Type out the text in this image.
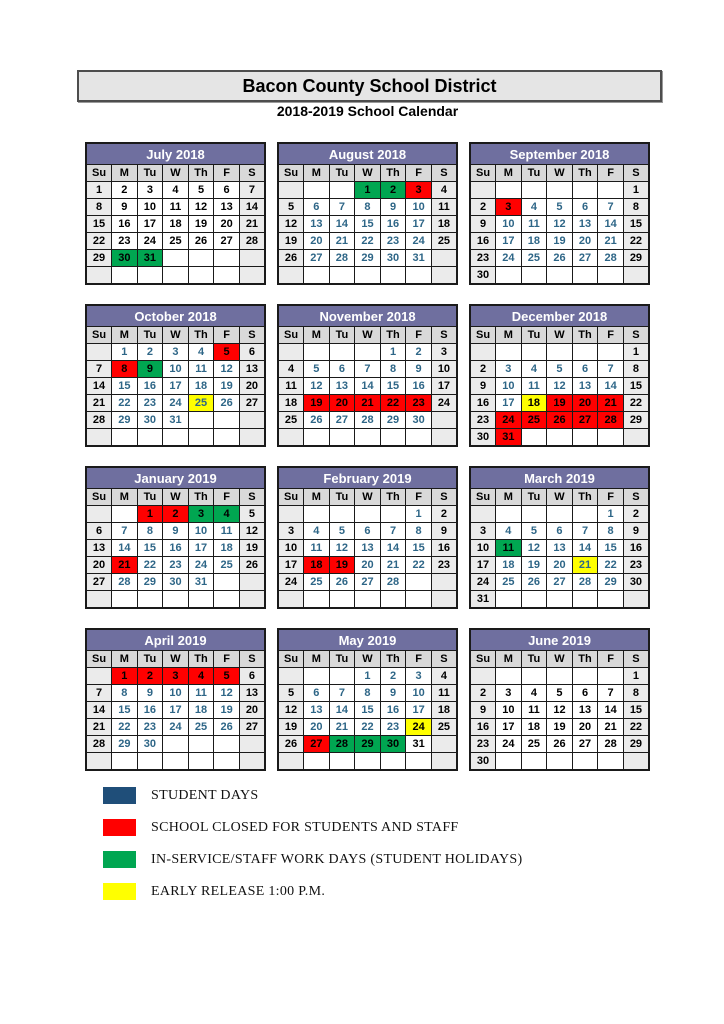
Bacon County School District
2018-2019 School Calendar
July 2018						
Su	M	Tu	W	Th	F	S
1	2	3	4	5	6	7
8	9	10	11	12	13	14
15	16	17	18	19	20	21
22	23	24	25	26	27	28
29	30	31				

August 2018						
Su	M	Tu	W	Th	F	S
			1	2	3	4
5	6	7	8	9	10	11
12	13	14	15	16	17	18
19	20	21	22	23	24	25
26	27	28	29	30	31	

September 2018						
Su	M	Tu	W	Th	F	S
						1
2	3	4	5	6	7	8
9	10	11	12	13	14	15
16	17	18	19	20	21	22
23	24	25	26	27	28	29
30						
October 2018						
Su	M	Tu	W	Th	F	S
	1	2	3	4	5	6
7	8	9	10	11	12	13
14	15	16	17	18	19	20
21	22	23	24	25	26	27
28	29	30	31			

November 2018						
Su	M	Tu	W	Th	F	S
				1	2	3
4	5	6	7	8	9	10
11	12	13	14	15	16	17
18	19	20	21	22	23	24
25	26	27	28	29	30	

December 2018						
Su	M	Tu	W	Th	F	S
						1
2	3	4	5	6	7	8
9	10	11	12	13	14	15
16	17	18	19	20	21	22
23	24	25	26	27	28	29
30	31					
January 2019						
Su	M	Tu	W	Th	F	S
		1	2	3	4	5
6	7	8	9	10	11	12
13	14	15	16	17	18	19
20	21	22	23	24	25	26
27	28	29	30	31		

February 2019						
Su	M	Tu	W	Th	F	S
					1	2
3	4	5	6	7	8	9
10	11	12	13	14	15	16
17	18	19	20	21	22	23
24	25	26	27	28		

March 2019						
Su	M	Tu	W	Th	F	S
					1	2
3	4	5	6	7	8	9
10	11	12	13	14	15	16
17	18	19	20	21	22	23
24	25	26	27	28	29	30
31						
April 2019						
Su	M	Tu	W	Th	F	S
	1	2	3	4	5	6
7	8	9	10	11	12	13
14	15	16	17	18	19	20
21	22	23	24	25	26	27
28	29	30				

May 2019						
Su	M	Tu	W	Th	F	S
			1	2	3	4
5	6	7	8	9	10	11
12	13	14	15	16	17	18
19	20	21	22	23	24	25
26	27	28	29	30	31	

June 2019						
Su	M	Tu	W	Th	F	S
						1
2	3	4	5	6	7	8
9	10	11	12	13	14	15
16	17	18	19	20	21	22
23	24	25	26	27	28	29
30						
STUDENT DAYS
SCHOOL CLOSED FOR STUDENTS AND STAFF
IN-SERVICE/STAFF WORK DAYS (STUDENT HOLIDAYS)
EARLY RELEASE 1:00 P.M.
